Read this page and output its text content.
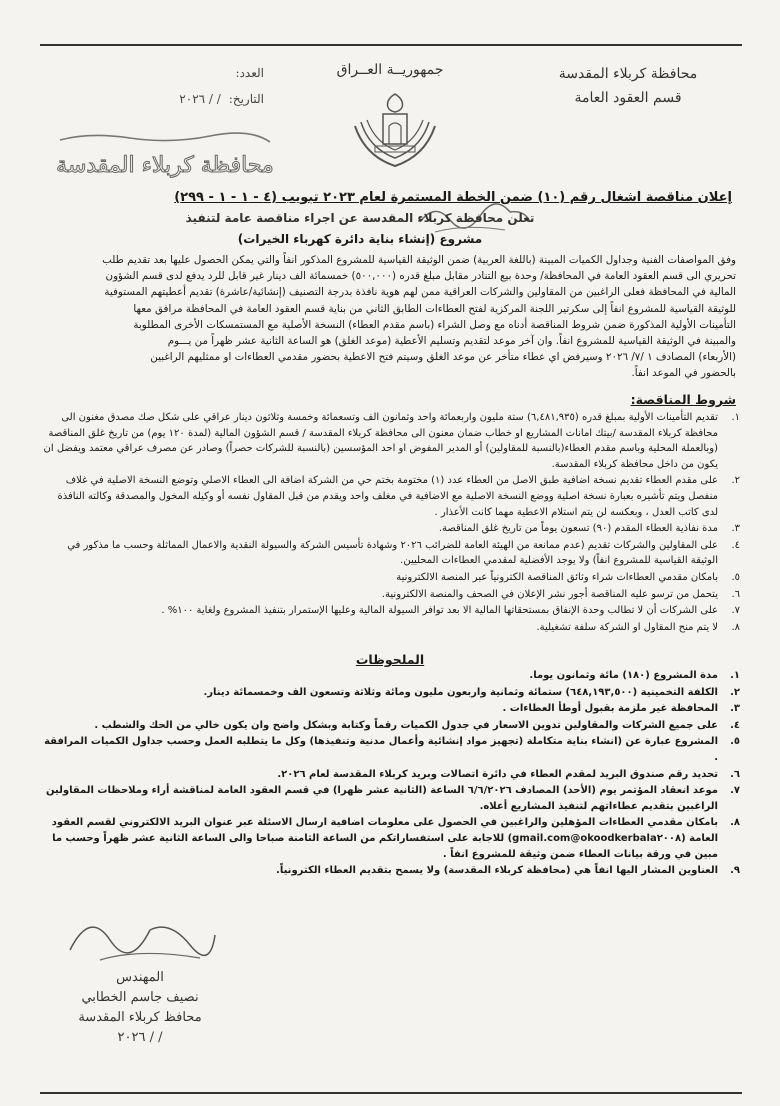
محافظة كربلاء المقدسة
قسم العقود العامة
جمهوريــة العــراق
العدد:
التاريخ:
/ / ٢٠٢٦
محافظة كربلاء المقدسة
إعلان مناقصة اشغال رقم (١٠) ضمن الخطة المستمرة لعام ٢٠٢٣ تبويب (٤ - ١ - ١ - ٢٩٩)
تعلن محافظة كربلاء المقدسة عن اجراء مناقصة عامة لتنفيذ
مشروع (إنشاء بناية دائرة كهرباء الخيرات)
وفق المواصفات الفنية وجداول الكميات المبينة (باللغة العربية) ضمن الوثيقة القياسية للمشروع المذكور انفاً والتي يمكن الحصول عليها بعد تقديم طلب
تحريري الى قسم العقود العامة في المحافظة/ وحدة بيع التنادر مقابل مبلغ قدره (٥٠٠,٠٠٠) خمسمائة الف دينار غير قابل للرد يدفع لدى قسم الشؤون
المالية في المحافظة فعلى الراغبين من المقاولين والشركات العراقية ممن لهم هوية نافذة بدرجة التصنيف (إنشائية/عاشرة) تقديم أعطيتهم المستوفية
للوثيقة القياسية للمشروع انفاً إلى سكرتير اللجنة المركزية لفتح العطاءات الطابق الثاني من بناية قسم العقود العامة في المحافظة مرافق معها
التأمينات الأولية المذكورة ضمن شروط المناقصة أدناه مع وصل الشراء (باسم مقدم العطاء) النسخة الأصلية مع المستمسكات الأخرى المطلوبة
والمبينة في الوثيقة القياسية للمشروع انفاً. وان آخر موعد لتقديم وتسليم الأعطية (موعد الغلق) هو الساعة الثانية عشر ظهراً من يـــوم
(الأربعاء) المصادف ١ /٧/ ٢٠٢٦ وسيرفض اي عطاء متأخر عن موعد الغلق وسيتم فتح الاعطية بحضور مقدمي العطاءات او ممثليهم الراغبين
بالحضور في الموعد انفاً.
شروط المناقصة:
١.
تقديم التأمينات الأولية بمبلغ قدره (٦,٤٨١,٩٣٥) ستة مليون واربعمائة واحد وثمانون الف وتسعمائة وخمسة وثلاثون دينار عراقي على شكل صك مصدق مغنون الى محافظة كربلاء المقدسة /بيتك امانات المشاريع او خطاب ضمان معنون الى محافظة كربلاء المقدسة / قسم الشؤون المالية (لمدة ١٢٠ يوم) من تاريخ غلق المناقصة (وبالعملة المحلية وباسم مقدم العطاء(بالنسبة للمقاولين) أو المدير المفوض او احد المؤسسين (بالنسبة للشركات حصراً) وصادر عن مصرف عراقي معتمد ويفضل ان يكون من داخل محافظة كربلاء المقدسة.
٢.
على مقدم العطاء تقديم نسخة اضافية طبق الاصل من العطاء عدد (١) مختومة بختم حي من الشركة اضافة الى العطاء الاصلي وتوضع النسخة الاصلية في غلاف منفصل ويتم تأشيره بعبارة نسخة اصلية ووضع النسخة الاصلية مع الاضافية في مغلف واحد ويقدم من قبل المقاول نفسه أو وكيله المخول والمصدقة وكالته النافذة لدى كاتب العدل ، وبعكسه لن يتم استلام الاعطية مهما كانت الأعذار .
٣.
مدة نفاذية العطاء المقدم (٩٠) تسعون يوماً من تاريخ غلق المناقصة.
٤.
على المقاولين والشركات تقديم (عدم ممانعة من الهيئة العامة للضرائب ٢٠٢٦ وشهادة تأسيس الشركة والسيولة النقدية والاعمال المماثلة وحسب ما مذكور في الوثيقة القياسية للمشروع انفاً) ولا يوجد الأفضلية لمقدمي العطاءات المحليين.
٥.
بامكان مقدمي العطاءات شراء وثائق المناقصة الكترونياً عبر المنصة الالكترونية
٦.
يتحمل من ترسو عليه المناقصة أجور نشر الإعلان في الصحف والمنصة الالكترونية.
٧.
على الشركات أن لا تطالب وحدة الإنفاق بمستحقاتها المالية الا بعد توافر السيولة المالية وعليها الإستمرار بتنفيذ المشروع ولغاية ١٠٠% .
٨.
لا يتم منح المقاول او الشركة سلفة تشغيلية.
الملحوظات
١.
مدة المشروع (١٨٠) مائة وثمانون يوما.
٢.
الكلفة التخمينية (٦٤٨,١٩٣,٥٠٠) ستمائة وثمانية واربعون مليون ومائة وثلاثة وتسعون الف وخمسمائة دينار.
٣.
المحافظة غير ملزمة بقبول أوطأ العطاءات .
٤.
على جميع الشركات والمقاولين تدوين الاسعار في جدول الكميات رقماً وكتابة وبشكل واضح وان يكون خالي من الحك والشطب .
٥.
المشروع عبارة عن (انشاء بناية متكاملة (تجهيز مواد إنشائية وأعمال مدنية وتنفيذها) وكل ما يتطلبه العمل وحسب جداول الكميات المرافقة .
٦.
تحديد رقم صندوق البريد لمقدم العطاء في دائرة اتصالات وبريد كربلاء المقدسة لعام ٢٠٢٦.
٧.
موعد انعقاد المؤتمر يوم (الأحد) المصادف ٦/٦/٢٠٢٦ الساعة (الثانية عشر ظهرا) في قسم العقود العامة لمناقشة أراء وملاحظات المقاولين الراغبين بتقديم عطاءاتهم لتنفيذ المشاريع أعلاه.
٨.
بامكان مقدمي العطاءات المؤهلين والراغبين في الحصول على معلومات اضافية ارسال الاسئلة عبر عنوان البريد الالكتروني لقسم العقود العامة (okoodkerbala٢٠٠٨@gmail.com) للاجابة على استفساراتكم من الساعة الثامنة صباحا والى الساعة الثانية عشر ظهراً وحسب ما مبين في ورقة بيانات العطاء ضمن وثيقة للمشروع انفاً .
٩.
العناوين المشار اليها انفاً هي (محافظة كربلاء المقدسة) ولا يسمح بتقديم العطاء الكترونياً.
المهندس
نصيف جاسم الخطابي
محافظ كربلاء المقدسة
/ / ٢٠٢٦
